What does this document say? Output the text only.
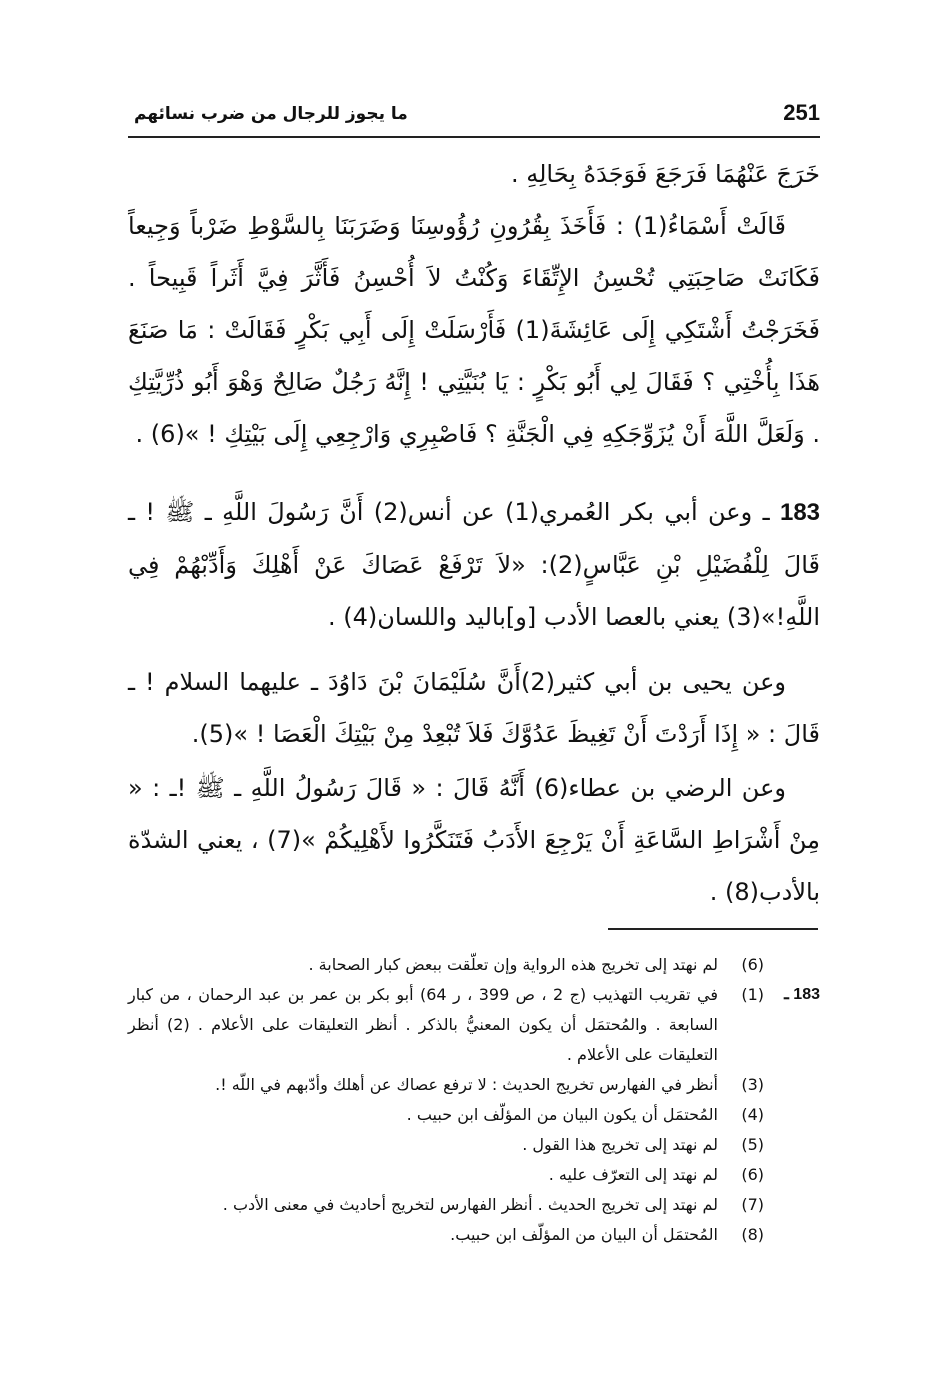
251
ما يجوز للرجال من ضرب نسائهم

خَرَجَ عَنْهُمَا فَرَجَعَ فَوَجَدَهُ بِحَالِهِ .

قَالَتْ أَسْمَاءُ(1) : فَأَخَذَ بِقُرُونِ رُؤُوسِنَا وَضَرَبَنَا بِالسَّوْطِ ضَرْباً وَجِيعاً فَكَانَتْ صَاحِبَتِي تُحْسِنُ الإِتِّقَاءَ وَكُنْتُ لاَ أُحْسِنُ فَأَثَّرَ فِيَّ أَثَراً قَبِيحاً . فَخَرَجْتُ أَشْتَكِي إِلَى عَائِشَةَ(1) فَأَرْسَلَتْ إِلَى أَبِي بَكْرٍ فَقَالَتْ : مَا صَنَعَ هَذَا بِأُخْتِي ؟ فَقَالَ لِي أَبُو بَكْرٍ : يَا بُنَيَّتِي ! إِنَّهُ رَجُلٌ صَالِحٌ وَهْوَ أَبُو ذُرِّيَّتِكِ . وَلَعَلَّ اللَّهَ أَنْ يُزَوِّجَكِهِ فِي الْجَنَّةِ ؟ فَاصْبِرِي وَارْجِعِي إِلَى بَيْتِكِ ! »(6) .

183 ـ وعن أبي بكر العُمري(1) عن أنس(2) أَنَّ رَسُولَ اللَّهِ ـ ﷺ ! ـ قَالَ لِلْفُضَيْلِ بْنِ عَبَّاسٍ(2): «لاَ تَرْفَعْ عَصَاكَ عَنْ أَهْلِكَ وَأَدِّبْهُمْ فِي اللَّهِ!»(3) يعني بالعصا الأدب [و]باليد واللسان(4) .

وعن يحيى بن أبي كثير(2)أَنَّ سُلَيْمَانَ بْنَ دَاوُدَ ـ عليهما السلام ! ـ قَالَ : « إِذَا أَرَدْتَ أَنْ تَغِيظَ عَدُوَّكَ فَلاَ تُبْعِدْ مِنْ بَيْتِكَ الْعَصَا ! »(5).

وعن الرضي بن عطاء(6) أَنَّهُ قَالَ : « قَالَ رَسُولُ اللَّهِ ـ ﷺ !ـ : « مِنْ أَشْرَاطِ السَّاعَةِ أَنْ يَرْجِعَ الأَدَبُ فَتَنَكَّرُوا لأَهْلِيكُمْ »(7) ، يعني الشدّة بالأدب(8) .

(6)
لم نهتد إلى تخريج هذه الرواية وإن تعلّقت ببعض كبار الصحابة .
183 ـ
(1)
في تقريب التهذيب (ج 2 ، ص 399 ، ر 64) أبو بكر بن عمر بن عبد الرحمان ، من كبار السابعة . والمُحتمَل أن يكون المعنيُّ بالذكر . أنظر التعليقات على الأعلام . (2) أنظر التعليقات على الأعلام .
(3)
أنظر في الفهارس تخريج الحديث : لا ترفع عصاك عن أهلك وأدّبهم في اللّه !.
(4)
المُحتمَل أن يكون البيان من المؤلّف ابن حبيب .
(5)
لم نهتد إلى تخريج هذا القول .
(6)
لم نهتد إلى التعرّف عليه .
(7)
لم نهتد إلى تخريج الحديث . أنظر الفهارس لتخريج أحاديث في معنى الأدب .
(8)
المُحتمَل أن البيان من المؤلّف ابن حبيب.
